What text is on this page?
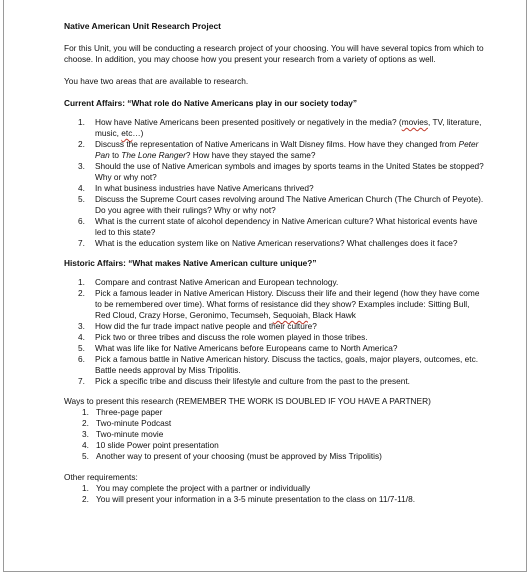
Native American Unit Research Project

For this Unit, you will be conducting a research project of your choosing. You will have several topics from which to choose. In addition, you may choose how you present your research from a variety of options as well.

You have two areas that are available to research.

Current Affairs: “What role do Native Americans play in our society today”
1. How have Native Americans been presented positively or negatively in the media? (movies, TV, literature, music, etc…)
2. Discuss the representation of Native Americans in Walt Disney films. How have they changed from Peter Pan to The Lone Ranger? How have they stayed the same?
3. Should the use of Native American symbols and images by sports teams in the United States be stopped? Why or why not?
4. In what business industries have Native Americans thrived?
5. Discuss the Supreme Court cases revolving around The Native American Church (The Church of Peyote). Do you agree with their rulings? Why or why not?
6. What is the current state of alcohol dependency in Native American culture? What historical events have led to this state?
7. What is the education system like on Native American reservations? What challenges does it face?
Historic Affairs: “What makes Native American culture unique?”
1. Compare and contrast Native American and European technology.
2. Pick a famous leader in Native American History. Discuss their life and their legend (how they have come to be remembered over time). What forms of resistance did they show? Examples include: Sitting Bull, Red Cloud, Crazy Horse, Geronimo, Tecumseh, Sequoiah, Black Hawk
3. How did the fur trade impact native people and their culture?
4. Pick two or three tribes and discuss the role women played in those tribes.
5. What was life like for Native Americans before Europeans came to North America?
6. Pick a famous battle in Native American history. Discuss the tactics, goals, major players, outcomes, etc. Battle needs approval by Miss Tripolitis.
7. Pick a specific tribe and discuss their lifestyle and culture from the past to the present.
Ways to present this research (REMEMBER THE WORK IS DOUBLED IF YOU HAVE A PARTNER)
1. Three-page paper
2. Two-minute Podcast
3. Two-minute movie
4. 10 slide Power point presentation
5. Another way to present of your choosing (must be approved by Miss Tripolitis)
Other requirements:
1. You may complete the project with a partner or individually
2. You will present your information in a 3-5 minute presentation to the class on 11/7-11/8.
